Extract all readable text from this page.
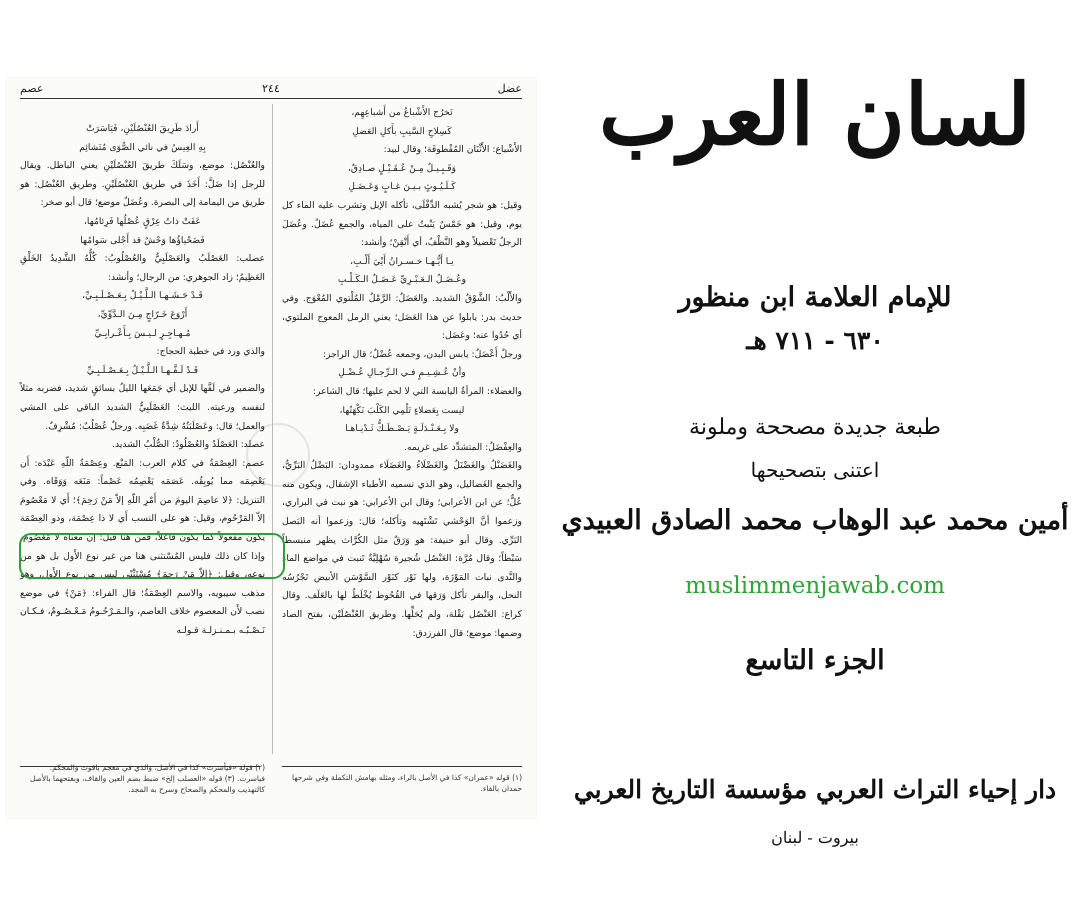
عضل
٢٤٤
عصم

تَخرُج الأَشْباعُ من أَشباعِهِم،

كَسِلاحِ السَّيبِ بأَكلِ العَضلِ

الأَشْباع: الأَثْنَان المُفْطوفَة؛ وقال لبيد:

وَقَـبِـيـلٌ مِـنْ عُـقَـيْـلٍ صـادِقٌ،

كَـلَـيُـوثٍ بـيـنَ غـابٍ وَعَـضَـلِ

وقيل: هو شجر يُشبه الدِّفْلَى، تأكله الإبل وتشرب عليه الماء كل يوم، وقيل: هو خَمْسٌ يَنْبتُ على المياه، والجمع عُضَلٌ. وعُضَلَ الرجلُ تَعْضيلاً وهو النَّظْفُ، أي أَتْقِنْ؛ وأنشد:

يـا أَيُّـهـا خـسـرانُ أَيْيَ أَلْـبِ،

وعُـضَـلُ الـعَـبْـرِيِّ عَـضَـلُ الـكَـلْـبِ

والأَلْبُ: الشَّوْقُ الشديد. والعَضَلُ: الرَّمْلُ المُلْتوي المُعْوَج. وفي حديث بدر: يابلوا عن هذا العَضَل؛ يعني الرمل المعوج الملتوي، أي حُدُوا عنه؛ وعَضَل:

ورجلٌ أَعْضَلُ: يابس البدن، وجمعه عُضْلٌ؛ قال الراجز:

وأنْ عُـشِـيـمٍ فـي الـرِّجـالِ عُـضْـلِ

والعضلاء: المرأةُ اليابسة التي لا لحم عليها؛ قال الشاعر:

ليست بِعَضلاءٍ تَلْمِي الكَلْبَ نَكْهَتُها،

ولا بِـعَـنْـدَلَـةٍ يَـصْـطَـكُّ ثَـدْيـاهـا

والعِفْضَلُ: المتشدِّد على غريمه.

والغَضَنْلُ والغَضْنَلُ والغَضْلَاءُ والغَضَلَاء ممدودان: البَضْلُ البَرِّيُّ، والجمع الغَضاليل، وهو الذي تسميه الأطباء الإشقال، ويكون منه عُلٌّ؛ عن ابن الأعرابي؛ وقال ابن الأعرابي: هو نبت في البراري، وزعموا أنَّ الوَحْشي تَشْتَهيه وتأكله؛ قال: وزعموا أنه البَصل البَرِّي. وقال أبو حنيفة: هو وَرَقٌ مثل الكُرَّاث يظهر منبسطاً سَبْطاً؛ وقال مُرَّة: العَنْصُل شُجيرة سُهْلِيَّةٌ تَنبت في مواضع الماء والنَّدى نبات المَوْزَة، ولها نَوْر كنَوْر السَّوْسَن الأبيض تَجْرُسُه النحل، والبقر تأكل وَرَقها في القُحُوط يُخْلَطُ لها بالعَلَف. وقال كراع: العَنْصُل بَقْلة، ولم يُحَلِّها. وطريق العُنْصُلَيْن، بفتح الصاد وضمها: موضع؛ قال الفرزدق:

أَرادَ طَرِيقَ العُنْصُلَيْنِ، فَيَاسَرَتْ

بِهِ العِيسُ في نائي الصُّوَى مُتَشائِم

والعُنْصُل: موضع، وسَلَكَ طريقَ العُنْصُلَيْنِ يعني الباطل. ويقال للرجل إذا ضَلَّ: أَخَذَ في طريق العُنْصُلَيْنِ. وطريق العُنْصُل: هو طريق من اليمامة إلى البصرة. وعُضَلٌ موضع؛ قال أبو صخر:

عَفَتْ ذاتُ عِرْقٍ عُصْلُها فَرِئامُها،

فَضَحْياؤُها وَحْشٌ قد أَجْلى سَوامُها

عصلب: العَصْلَبُ والعَصْلَبِيُّ والعُصْلُوبُ: كُلُّهُ الشَّدِيدُ الخَلْقِ العَظِيمُ؛ زاد الجوهري: من الرجال؛ وأنشد:

قَـدْ حَـشَـهـا الـلَّـيْـلُ بِـعَـصْـلَـبِـيِّ،

أَرْوَعَ خَـرّاجٍ مِـنَ الـدَّوِّيِّ،

مُـهـاجِـرٍ لـيـسَ بِـأَعْـرابِـيِّ

والذي ورد في خطبة الحجاج:

قَـدْ لَـفَّـهـا الـلَّـيْـلُ بِـعَـصْـلَـبِـيِّ

والضمير في لَفَّها للإبل أي جَمَعَها الليلُ بسائقٍ شديد، فضربه مثلاً لنفسه ورعيته. الليث: العَصْلَبِيُّ الشديد الباقي على المشي والعمل؛ قال: وعَصْلَبَتُهُ شِدَّةُ غَضَبِه. ورجلٌ عُصْلُبٌ: مُشْرِفٌ.

عصلد: العَصْلَدُ والعُصْلُودُ: الصُّلْبُ الشديد.

عصم: العِصْمَةُ في كلام العرب: المَنْع. وعِصْمَةُ اللّهِ عَبْدَه: أَن يَعْصِمَه مما يُوبِقُه. عَصَمَه يَعْصِمُه عَصْماً: مَنَعَه وَوَقَاه. وفي التنزيل: ﴿لا عاصِمَ اليومَ من أَمْرِ اللّهِ إلاّ مَنْ رَحِمَ﴾؛ أَي لا مَعْصُومَ إلاّ المَرْحُوم، وقيل: هو على النسب أَي لا ذا عِصْمَة، وذو العِصْمَة يكون مفعولاً كما يكون فاعلاً، فمن هنا قيل: إن معناه لا مَعْصُوم، وإذا كان ذلك فليس المُسْتثنى هنا من غير نوع الأَول بل هو من نوعه، وقيل: ﴿إلاّ مَنْ رَحِمَ﴾ مُسْتَثْنًى ليس من نوع الأَول، وهو مذهب سيبويه، والاسم العِصْمَةُ؛ قال الفراء: ﴿مَنْ﴾ في موضع نصب لأَن المعصوم خلاف العاصم، والـمَـرْحُـومُ مَـعْـصُـومٌ، فـكـان نَـصْـبُـه بـمـنـزلـة قـولـه

(١) قوله «عمران» كذا في الأصل بالراء، ومثله بهامش التكملة وفي شرحها حمدان بالفاء.
(٢) قوله «فيأسرت» كذا في الأصل، والذي في معجم ياقوت والمحكم: فياسرت. (٣) قوله «العصلب إلخ» ضبط بضم العين والقاف، وبفتحهما بالأصل كالتهذيب والمحكم والصحاح وسرح به المجد.
لسان العرب
للإمام العلامة ابن منظور
٦٣٠ - ٧١١ هـ
طبعة جديدة مصححة وملونة
اعتنى بتصحيحها
أمين محمد عبد الوهاب محمد الصادق العبيدي
muslimmenjawab.com
الجزء التاسع
دار إحياء التراث العربي مؤسسة التاريخ العربي
بيروت - لبنان
